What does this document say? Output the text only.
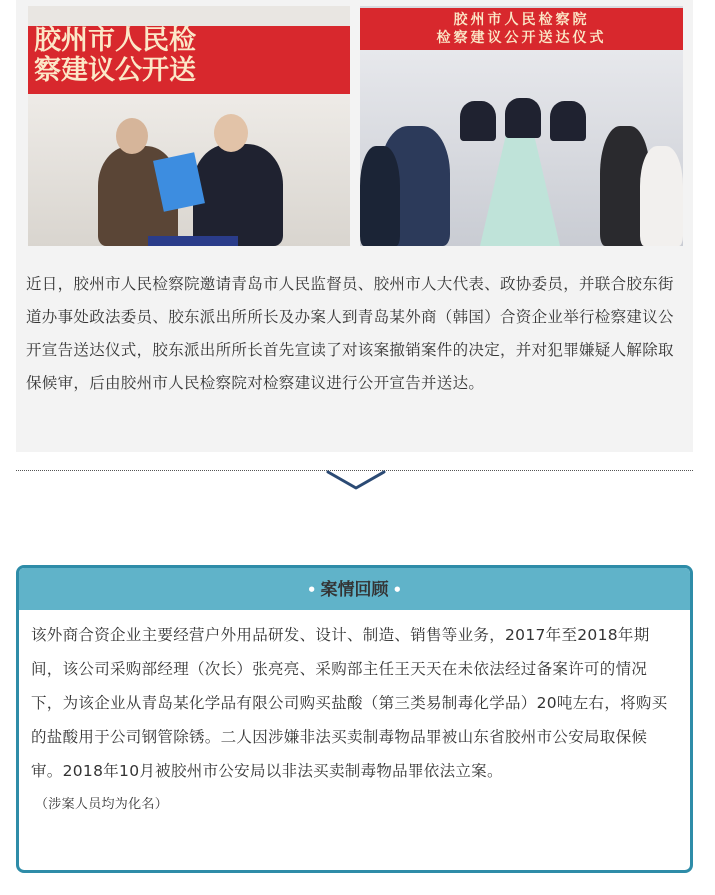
胶州市人民检
察建议公开送
胶州市人民检察院
检察建议公开送达仪式
近日，胶州市人民检察院邀请青岛市人民监督员、胶州市人大代表、政协委员，并联合胶东街道办事处政法委员、胶东派出所所长及办案人到青岛某外商（韩国）合资企业举行检察建议公开宣告送达仪式，胶东派出所所长首先宣读了对该案撤销案件的决定，并对犯罪嫌疑人解除取保候审，后由胶州市人民检察院对检察建议进行公开宣告并送达。
• 案情回顾 •
该外商合资企业主要经营户外用品研发、设计、制造、销售等业务，2017年至2018年期间，该公司采购部经理（次长）张亮亮、采购部主任王天天在未依法经过备案许可的情况下，为该企业从青岛某化学品有限公司购买盐酸（第三类易制毒化学品）20吨左右，将购买的盐酸用于公司钢管除锈。二人因涉嫌非法买卖制毒物品罪被山东省胶州市公安局取保候审。2018年10月被胶州市公安局以非法买卖制毒物品罪依法立案。
（涉案人员均为化名）
